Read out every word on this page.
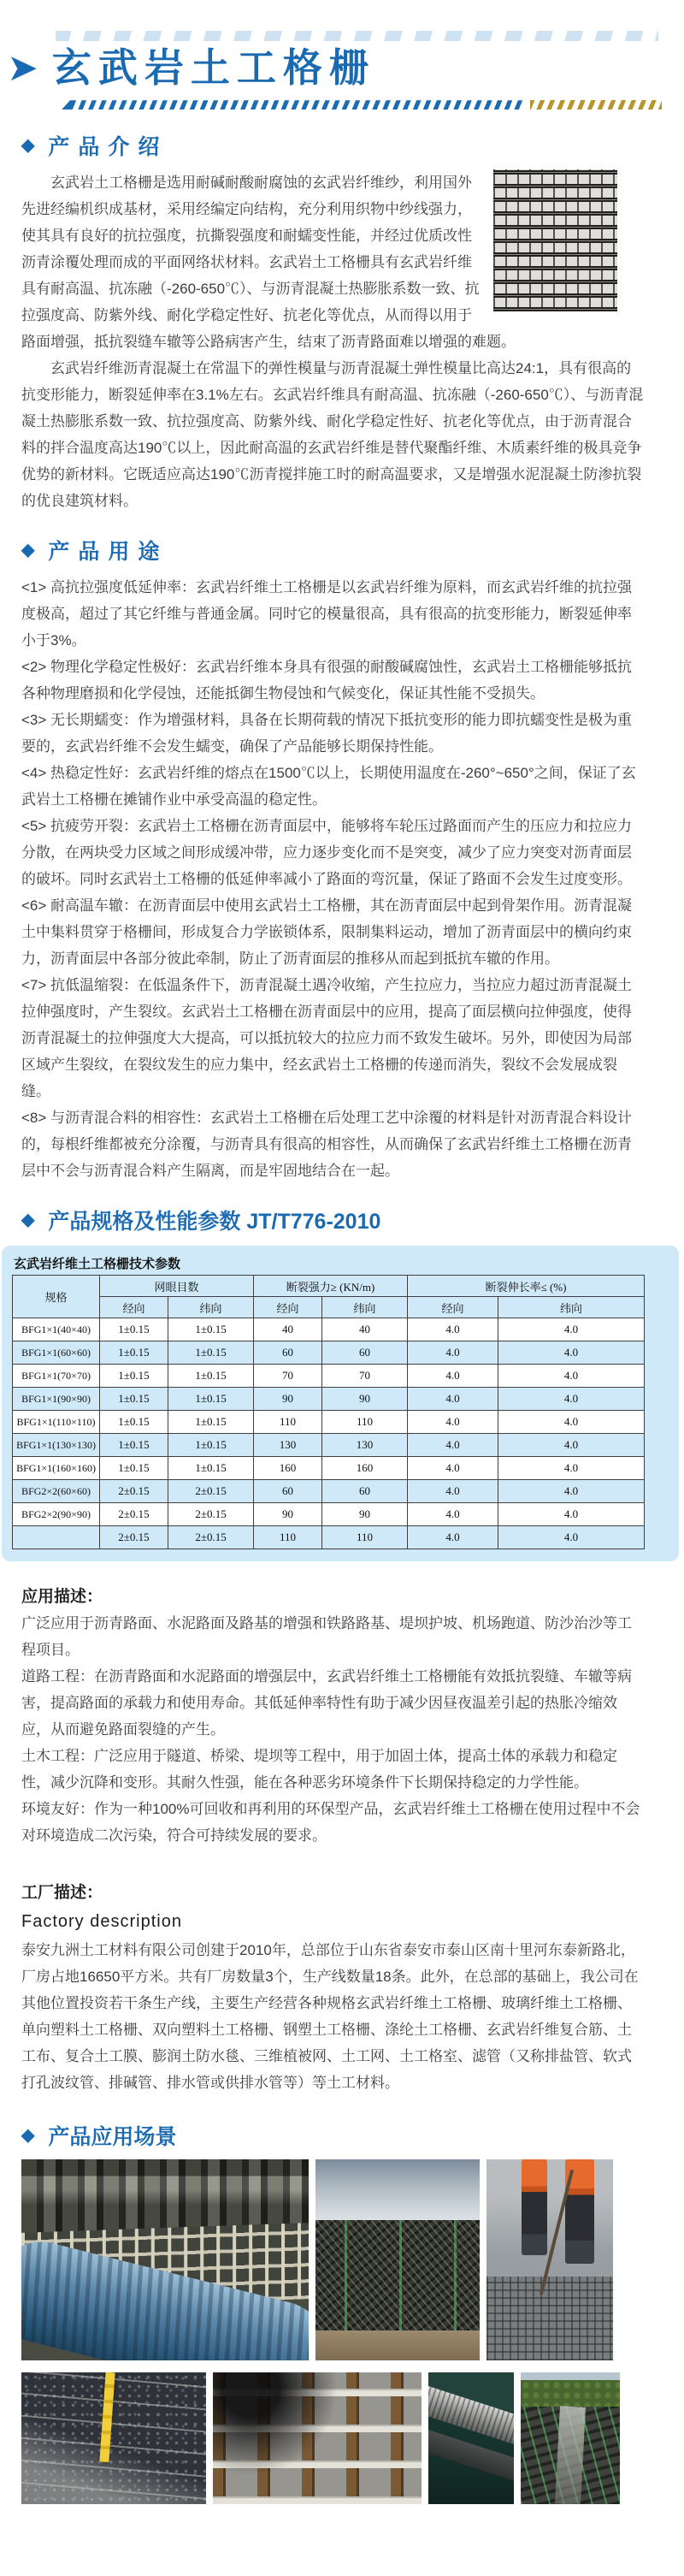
➤ 玄武岩土工格栅
◆ 产品介绍

玄武岩土工格栅是选用耐碱耐酸耐腐蚀的玄武岩纤维纱，利用国外先进经编机织成基材，采用经编定向结构，充分利用织物中纱线强力，使其具有良好的抗拉强度，抗撕裂强度和耐蠕变性能，并经过优质改性沥青涂覆处理而成的平面网络状材料。玄武岩土工格栅具有玄武岩纤维具有耐高温、抗冻融（-260-650℃）、与沥青混凝土热膨胀系数一致、抗拉强度高、防紫外线、耐化学稳定性好、抗老化等优点，从而得以用于路面增强，抵抗裂缝车辙等公路病害产生，结束了沥青路面难以增强的难题。

玄武岩纤维沥青混凝土在常温下的弹性模量与沥青混凝土弹性模量比高达24:1，具有很高的抗变形能力，断裂延伸率在3.1%左右。玄武岩纤维具有耐高温、抗冻融（-260-650℃）、与沥青混凝土热膨胀系数一致、抗拉强度高、防紫外线、耐化学稳定性好、抗老化等优点，由于沥青混合料的拌合温度高达190℃以上，因此耐高温的玄武岩纤维是替代聚酯纤维、木质素纤维的极具竞争优势的新材料。它既适应高达190℃沥青搅拌施工时的耐高温要求，又是增强水泥混凝土防渗抗裂的优良建筑材料。

◆ 产品用途

<1> 高抗拉强度低延伸率：玄武岩纤维土工格栅是以玄武岩纤维为原料，而玄武岩纤维的抗拉强度极高，超过了其它纤维与普通金属。同时它的模量很高，具有很高的抗变形能力，断裂延伸率小于3%。

<2> 物理化学稳定性极好：玄武岩纤维本身具有很强的耐酸碱腐蚀性，玄武岩土工格栅能够抵抗各种物理磨损和化学侵蚀，还能抵御生物侵蚀和气候变化，保证其性能不受损失。

<3> 无长期蠕变：作为增强材料，具备在长期荷载的情况下抵抗变形的能力即抗蠕变性是极为重要的，玄武岩纤维不会发生蠕变，确保了产品能够长期保持性能。

<4> 热稳定性好：玄武岩纤维的熔点在1500℃以上，长期使用温度在-260°~650°之间，保证了玄武岩土工格栅在摊铺作业中承受高温的稳定性。

<5> 抗疲劳开裂：玄武岩土工格栅在沥青面层中，能够将车轮压过路面而产生的压应力和拉应力分散，在两块受力区域之间形成缓冲带，应力逐步变化而不是突变，减少了应力突变对沥青面层的破坏。同时玄武岩土工格栅的低延伸率减小了路面的弯沉量，保证了路面不会发生过度变形。

<6> 耐高温车辙：在沥青面层中使用玄武岩土工格栅，其在沥青面层中起到骨架作用。沥青混凝土中集料贯穿于格栅间，形成复合力学嵌锁体系，限制集料运动，增加了沥青面层中的横向约束力，沥青面层中各部分彼此牵制，防止了沥青面层的推移从而起到抵抗车辙的作用。

<7> 抗低温缩裂：在低温条件下，沥青混凝土遇冷收缩，产生拉应力，当拉应力超过沥青混凝土拉伸强度时，产生裂纹。玄武岩土工格栅在沥青面层中的应用，提高了面层横向拉伸强度，使得沥青混凝土的拉伸强度大大提高，可以抵抗较大的拉应力而不致发生破坏。另外，即使因为局部区域产生裂纹，在裂纹发生的应力集中，经玄武岩土工格栅的传递而消失，裂纹不会发展成裂缝。

<8> 与沥青混合料的相容性：玄武岩土工格栅在后处理工艺中涂覆的材料是针对沥青混合料设计的，每根纤维都被充分涂覆，与沥青具有很高的相容性，从而确保了玄武岩纤维土工格栅在沥青层中不会与沥青混合料产生隔离，而是牢固地结合在一起。

◆ 产品规格及性能参数 JT/T776-2010

玄武岩纤维土工格栅技术参数

规格	网眼目数		断裂强力≥ (KN/m)		断裂伸长率≤ (%)	
	经向	纬向	经向	纬向	经向	纬向
BFG1×1(40×40)	1±0.15	1±0.15	40	40	4.0	4.0
BFG1×1(60×60)	1±0.15	1±0.15	60	60	4.0	4.0
BFG1×1(70×70)	1±0.15	1±0.15	70	70	4.0	4.0
BFG1×1(90×90)	1±0.15	1±0.15	90	90	4.0	4.0
BFG1×1(110×110)	1±0.15	1±0.15	110	110	4.0	4.0
BFG1×1(130×130)	1±0.15	1±0.15	130	130	4.0	4.0
BFG1×1(160×160)	1±0.15	1±0.15	160	160	4.0	4.0
BFG2×2(60×60)	2±0.15	2±0.15	60	60	4.0	4.0
BFG2×2(90×90)	2±0.15	2±0.15	90	90	4.0	4.0
	2±0.15	2±0.15	110	110	4.0	4.0

应用描述：

广泛应用于沥青路面、水泥路面及路基的增强和铁路路基、堤坝护坡、机场跑道、防沙治沙等工程项目。

道路工程：在沥青路面和水泥路面的增强层中，玄武岩纤维土工格栅能有效抵抗裂缝、车辙等病害，提高路面的承载力和使用寿命。其低延伸率特性有助于减少因昼夜温差引起的热胀冷缩效应，从而避免路面裂缝的产生。

土木工程：广泛应用于隧道、桥梁、堤坝等工程中，用于加固土体，提高土体的承载力和稳定性，减少沉降和变形。其耐久性强，能在各种恶劣环境条件下长期保持稳定的力学性能。

环境友好：作为一种100%可回收和再利用的环保型产品，玄武岩纤维土工格栅在使用过程中不会对环境造成二次污染，符合可持续发展的要求。

工厂描述：

Factory description

泰安九洲土工材料有限公司创建于2010年，总部位于山东省泰安市泰山区南十里河东泰新路北，厂房占地16650平方米。共有厂房数量3个，生产线数量18条。此外，在总部的基础上，我公司在其他位置投资若干条生产线，主要生产经营各种规格玄武岩纤维土工格栅、玻璃纤维土工格栅、单向塑料土工格栅、双向塑料土工格栅、钢塑土工格栅、涤纶土工格栅、玄武岩纤维复合筋、土工布、复合土工膜、膨润土防水毯、三维植被网、土工网、土工格室、滤管（又称排盐管、软式打孔波纹管、排碱管、排水管或供排水管等）等土工材料。

◆ 产品应用场景
